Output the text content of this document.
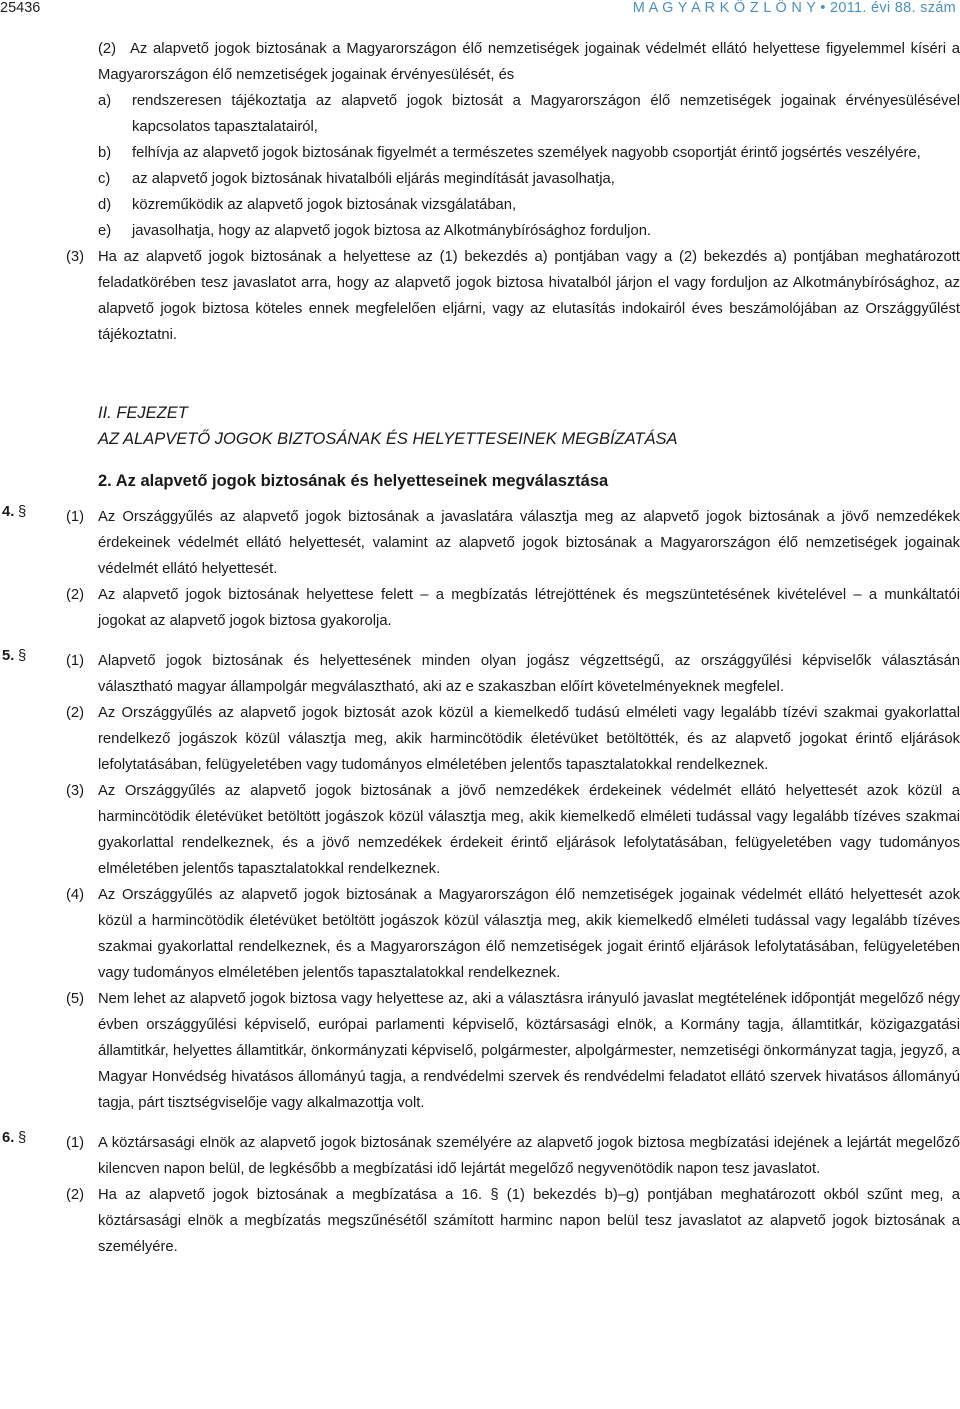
25436	M A G Y A R K Ö Z L Ö N Y • 2011. évi 88. szám

(2) Az alapvető jogok biztosának a Magyarországon élő nemzetiségek jogainak védelmét ellátó helyettese figyelemmel kíséri a Magyarországon élő nemzetiségek jogainak érvényesülését, és

a) rendszeresen tájékoztatja az alapvető jogok biztosát a Magyarországon élő nemzetiségek jogainak érvényesülésével kapcsolatos tapasztalatairól,

b) felhívja az alapvető jogok biztosának figyelmét a természetes személyek nagyobb csoportját érintő jogsértés veszélyére,

c) az alapvető jogok biztosának hivatalbóli eljárás megindítását javasolhatja,

d) közreműködik az alapvető jogok biztosának vizsgálatában,

e) javasolhatja, hogy az alapvető jogok biztosa az Alkotmánybírósághoz forduljon.

(3) Ha az alapvető jogok biztosának a helyettese az (1) bekezdés a) pontjában vagy a (2) bekezdés a) pontjában meghatározott feladatkörében tesz javaslatot arra, hogy az alapvető jogok biztosa hivatalból járjon el vagy forduljon az Alkotmánybírósághoz, az alapvető jogok biztosa köteles ennek megfelelően eljárni, vagy az elutasítás indokairól éves beszámolójában az Országgyűlést tájékoztatni.

II. FEJEZET
AZ ALAPVETŐ JOGOK BIZTOSÁNAK ÉS HELYETTESEINEK MEGBÍZATÁSA
2. Az alapvető jogok biztosának és helyetteseinek megválasztása
4. §	(1) Az Országgyűlés az alapvető jogok biztosának a javaslatára választja meg az alapvető jogok biztosának a jövő nemzedékek érdekeinek védelmét ellátó helyettesét, valamint az alapvető jogok biztosának a Magyarországon élő nemzetiségek jogainak védelmét ellátó helyettesét.

(2) Az alapvető jogok biztosának helyettese felett – a megbízatás létrejöttének és megszüntetésének kivételével – a munkáltatói jogokat az alapvető jogok biztosa gyakorolja.

5. §	(1) Alapvető jogok biztosának és helyettesének minden olyan jogász végzettségű, az országgyűlési képviselők választásán választható magyar állampolgár megválasztható, aki az e szakaszban előírt követelményeknek megfelel.

(2) Az Országgyűlés az alapvető jogok biztosát azok közül a kiemelkedő tudású elméleti vagy legalább tízévi szakmai gyakorlattal rendelkező jogászok közül választja meg, akik harmincötödik életévüket betöltötték, és az alapvető jogokat érintő eljárások lefolytatásában, felügyeletében vagy tudományos elméletében jelentős tapasztalatokkal rendelkeznek.

(3) Az Országgyűlés az alapvető jogok biztosának a jövő nemzedékek érdekeinek védelmét ellátó helyettesét azok közül a harmincötödik életévüket betöltött jogászok közül választja meg, akik kiemelkedő elméleti tudással vagy legalább tízéves szakmai gyakorlattal rendelkeznek, és a jövő nemzedékek érdekeit érintő eljárások lefolytatásában, felügyeletében vagy tudományos elméletében jelentős tapasztalatokkal rendelkeznek.

(4) Az Országgyűlés az alapvető jogok biztosának a Magyarországon élő nemzetiségek jogainak védelmét ellátó helyettesét azok közül a harmincötödik életévüket betöltött jogászok közül választja meg, akik kiemelkedő elméleti tudással vagy legalább tízéves szakmai gyakorlattal rendelkeznek, és a Magyarországon élő nemzetiségek jogait érintő eljárások lefolytatásában, felügyeletében vagy tudományos elméletében jelentős tapasztalatokkal rendelkeznek.

(5) Nem lehet az alapvető jogok biztosa vagy helyettese az, aki a választásra irányuló javaslat megtételének időpontját megelőző négy évben országgyűlési képviselő, európai parlamenti képviselő, köztársasági elnök, a Kormány tagja, államtitkár, közigazgatási államtitkár, helyettes államtitkár, önkormányzati képviselő, polgármester, alpolgármester, nemzetiségi önkormányzat tagja, jegyző, a Magyar Honvédség hivatásos állományú tagja, a rendvédelmi szervek és rendvédelmi feladatot ellátó szervek hivatásos állományú tagja, párt tisztségviselője vagy alkalmazottja volt.

6. §	(1) A köztársasági elnök az alapvető jogok biztosának személyére az alapvető jogok biztosa megbízatási idejének a lejártát megelőző kilencven napon belül, de legkésőbb a megbízatási idő lejártát megelőző negyvenötödik napon tesz javaslatot.

(2) Ha az alapvető jogok biztosának a megbízatása a 16. § (1) bekezdés b)–g) pontjában meghatározott okból szűnt meg, a köztársasági elnök a megbízatás megszűnésétől számított harminc napon belül tesz javaslatot az alapvető jogok biztosának a személyére.
